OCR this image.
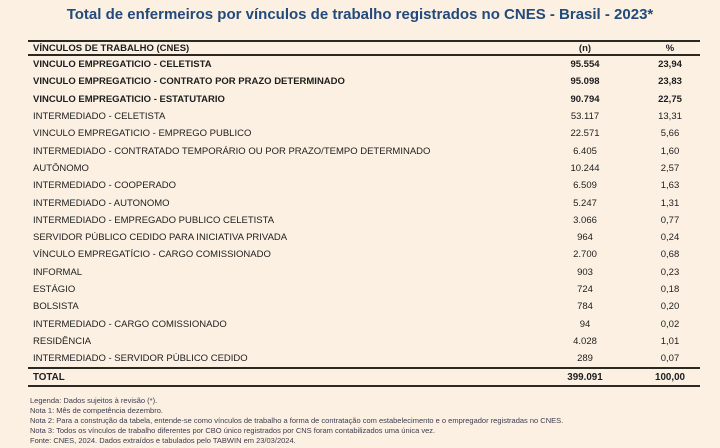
Total de enfermeiros por vínculos de trabalho registrados no CNES - Brasil - 2023*
VÍNCULOS DE TRABALHO (CNES)	(n)	%
VINCULO EMPREGATICIO - CELETISTA	95.554	23,94
VINCULO EMPREGATICIO - CONTRATO POR PRAZO DETERMINADO	95.098	23,83
VINCULO EMPREGATICIO - ESTATUTARIO	90.794	22,75
INTERMEDIADO - CELETISTA	53.117	13,31
VINCULO EMPREGATICIO - EMPREGO PUBLICO	22.571	5,66
INTERMEDIADO - CONTRATADO TEMPORÁRIO OU POR PRAZO/TEMPO DETERMINADO	6.405	1,60
AUTÔNOMO	10.244	2,57
INTERMEDIADO - COOPERADO	6.509	1,63
INTERMEDIADO - AUTONOMO	5.247	1,31
INTERMEDIADO - EMPREGADO PUBLICO CELETISTA	3.066	0,77
SERVIDOR PÚBLICO CEDIDO PARA INICIATIVA PRIVADA	964	0,24
VÍNCULO EMPREGATÍCIO - CARGO COMISSIONADO	2.700	0,68
INFORMAL	903	0,23
ESTÁGIO	724	0,18
BOLSISTA	784	0,20
INTERMEDIADO - CARGO COMISSIONADO	94	0,02
RESIDÊNCIA	4.028	1,01
INTERMEDIADO - SERVIDOR PÚBLICO CEDIDO	289	0,07
TOTAL	399.091	100,00
Legenda: Dados sujeitos à revisão (*).
Nota 1: Mês de competência dezembro.
Nota 2: Para a construção da tabela, entende-se como vínculos de trabalho a forma de contratação com estabelecimento e o empregador registradas no CNES.
Nota 3: Todos os vínculos de trabalho diferentes por CBO único registrados por CNS foram contabilizados uma única vez.
Fonte: CNES, 2024. Dados extraídos e tabulados pelo TABWIN em 23/03/2024.
